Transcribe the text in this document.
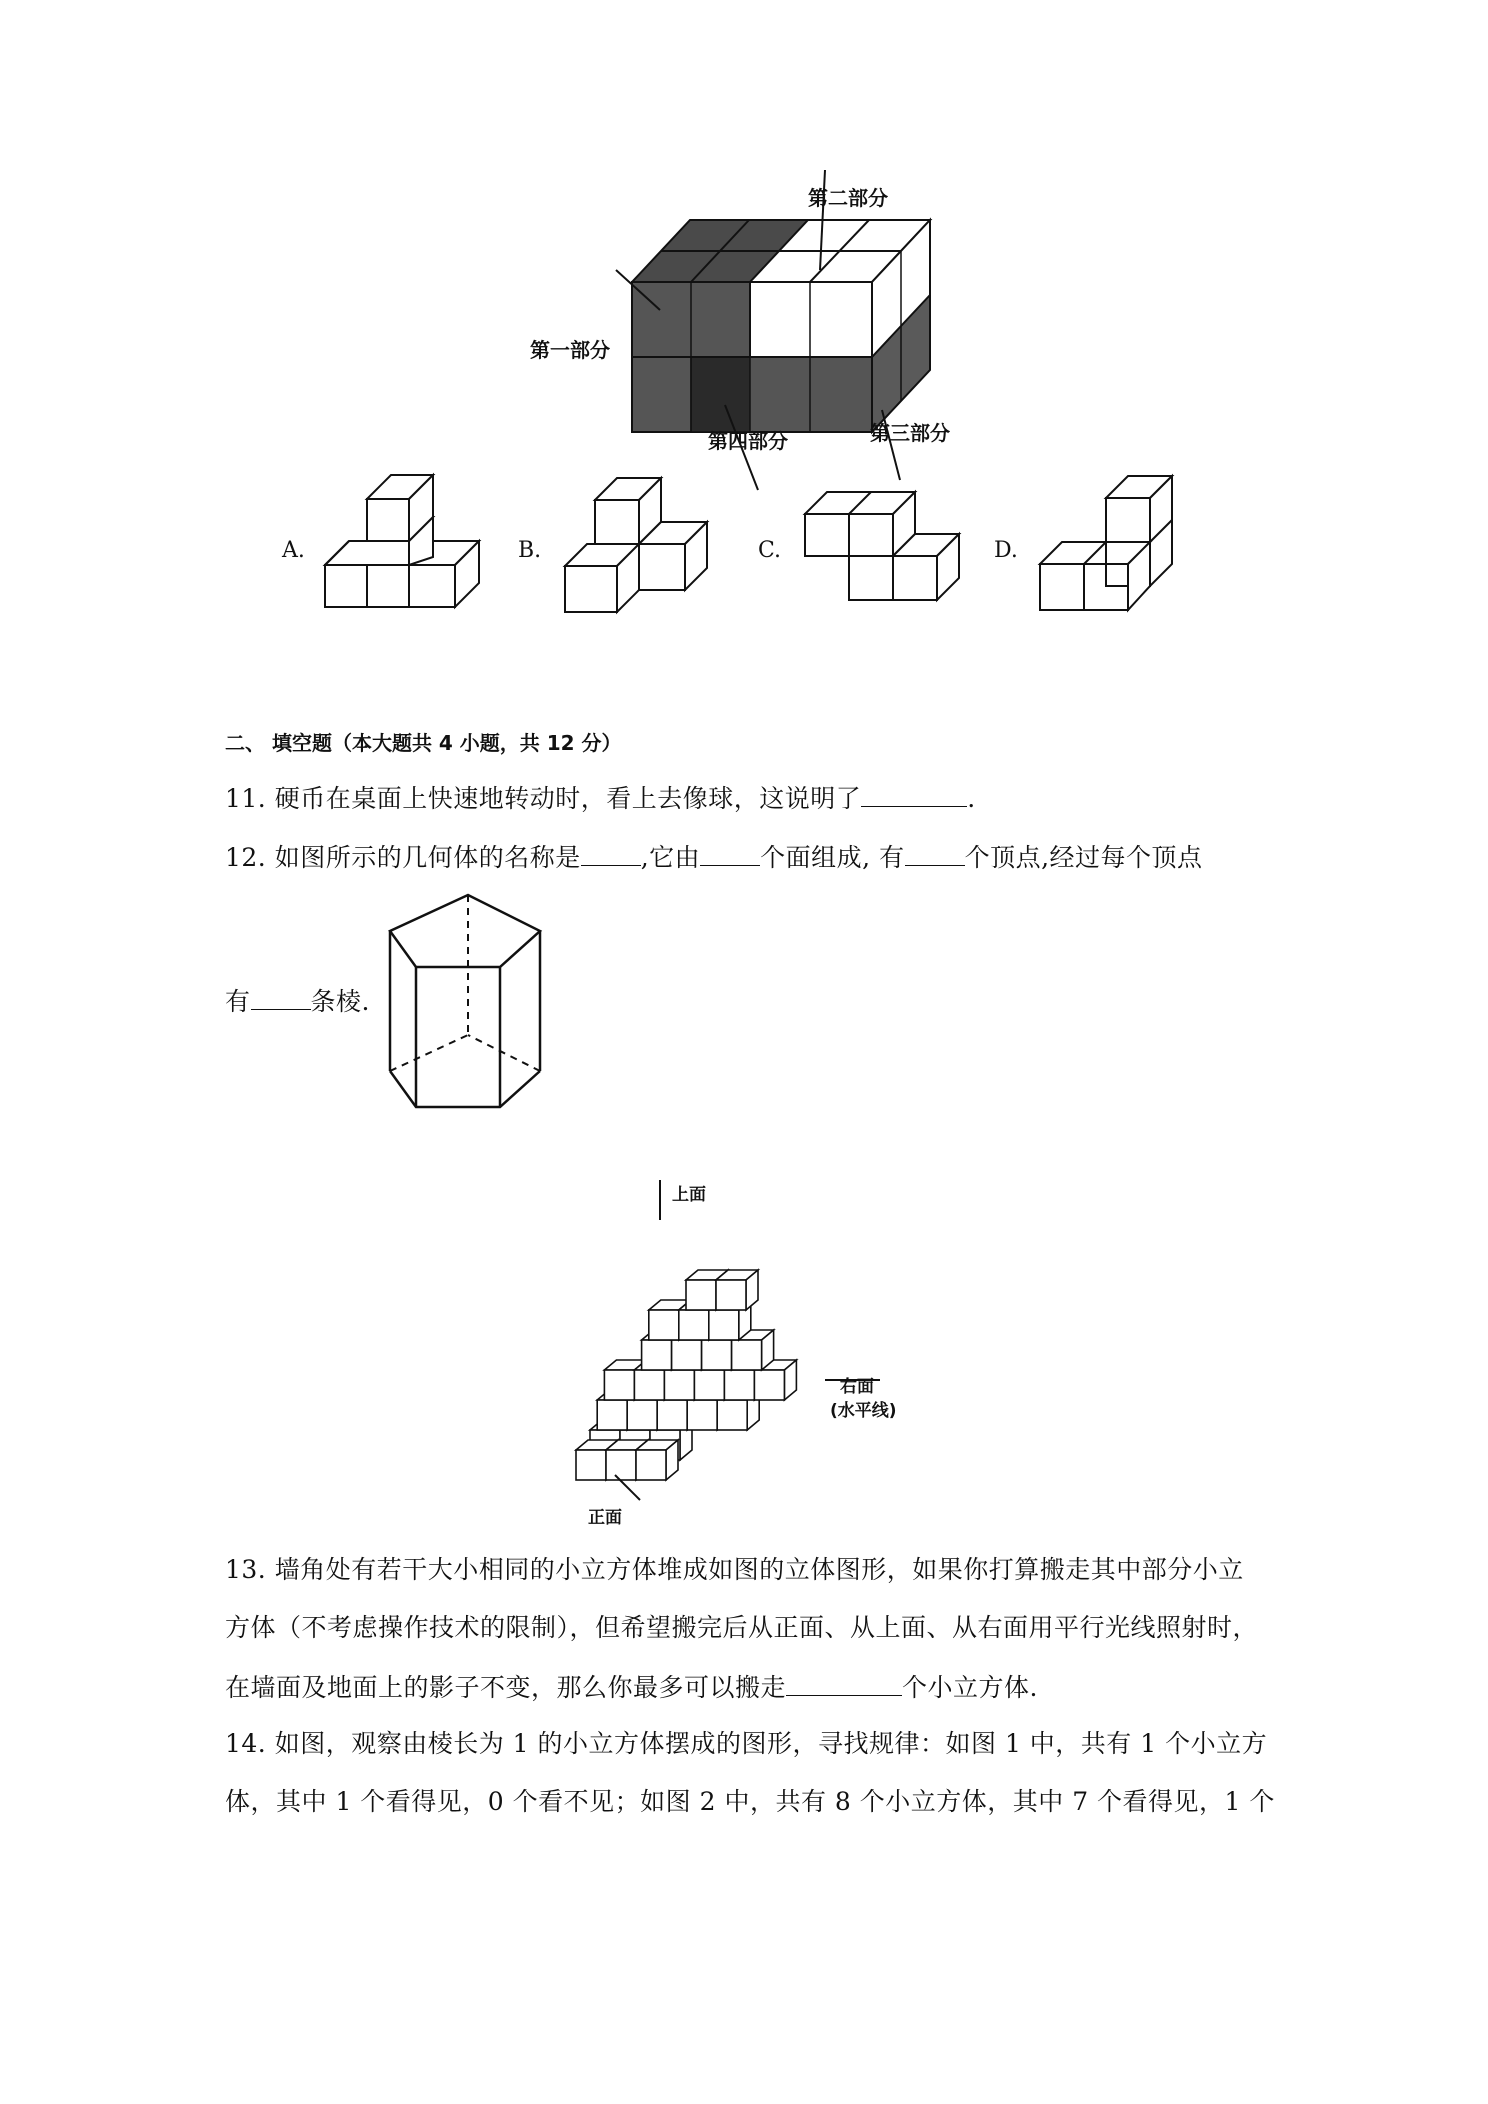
第二部分
第一部分
第四部分	第三部分
A.	B.	C.	D.
二、 填空题（本大题共 4 小题，共 12 分）
11. 硬币在桌面上快速地转动时，看上去像球，这说明了	.
12. 如图所示的几何体的名称是 ,它由 个面组成, 有 个顶点,经过每个顶点
有 条棱.
上面
右面
(水平线)
正面
13. 墙角处有若干大小相同的小立方体堆成如图的立体图形，如果你打算搬走其中部分小立
方体（不考虑操作技术的限制），但希望搬完后从正面、从上面、从右面用平行光线照射时，
在墙面及地面上的影子不变，那么你最多可以搬走	个小立方体.
14. 如图，观察由棱长为 1 的小立方体摆成的图形，寻找规律：如图 1 中，共有 1 个小立方
体，其中 1 个看得见，0 个看不见；如图 2 中，共有 8 个小立方体，其中 7 个看得见，1 个
